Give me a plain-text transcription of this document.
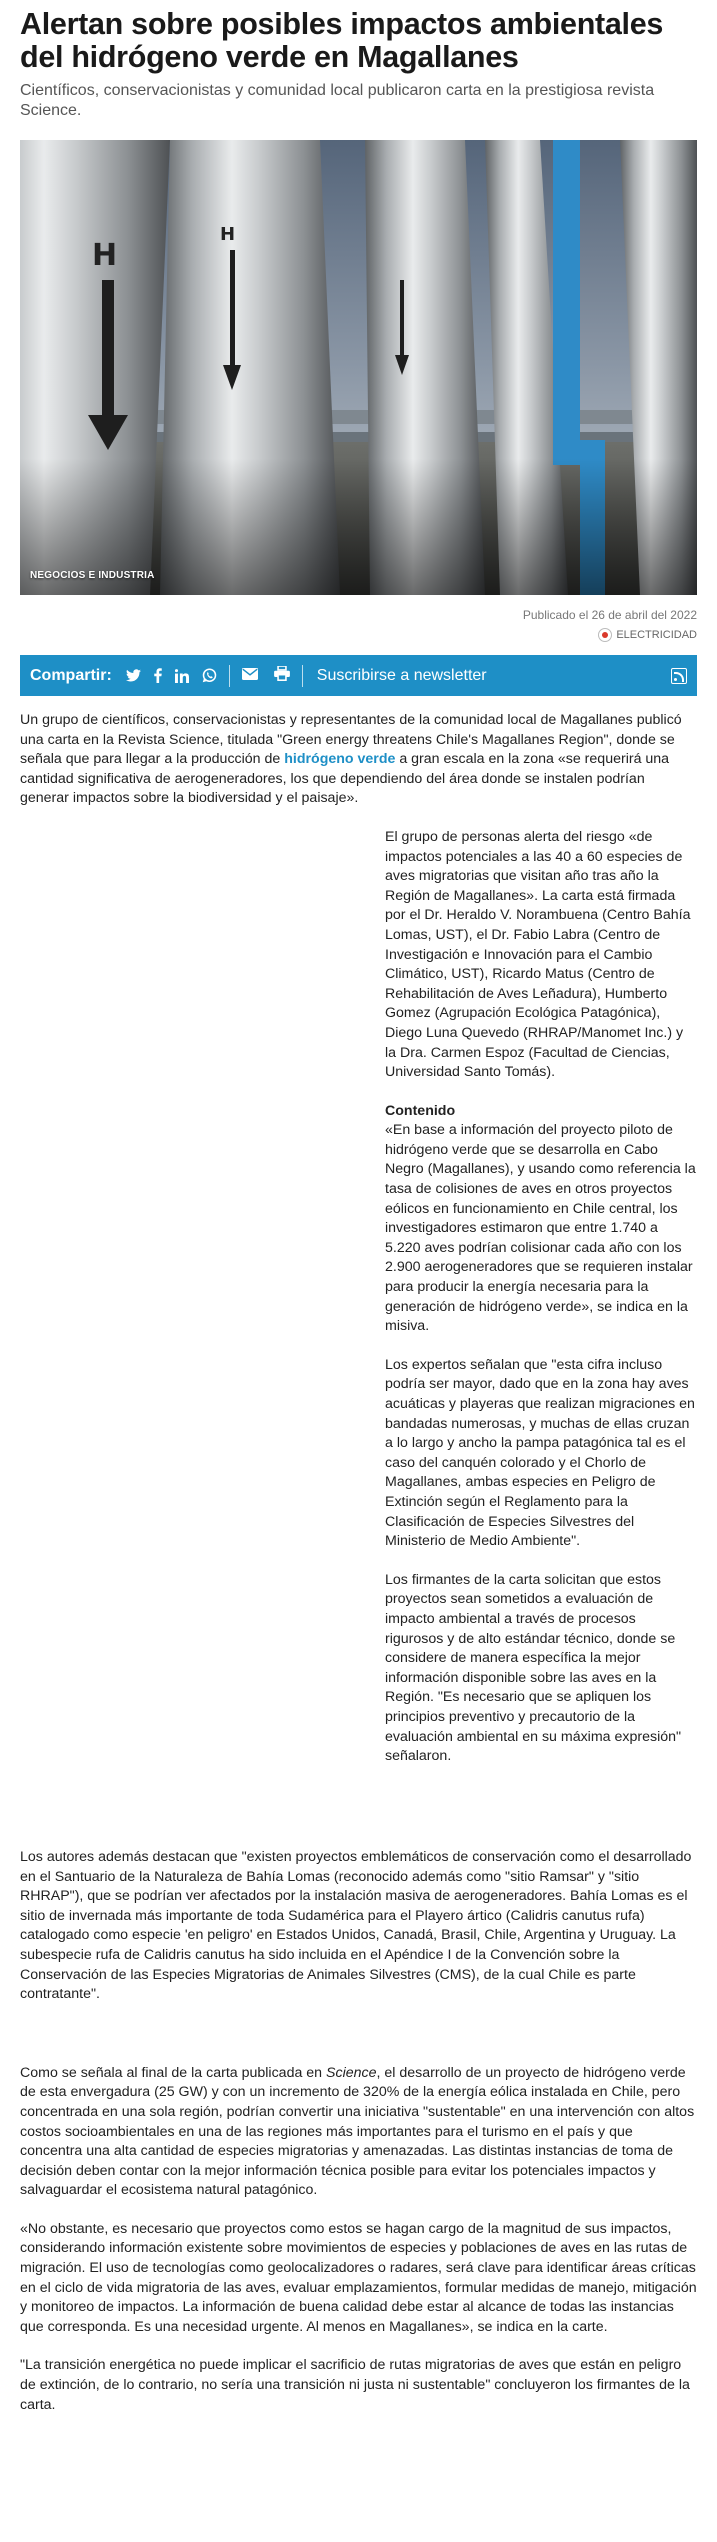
Alertan sobre posibles impactos ambientales del hidrógeno verde en Magallanes

Científicos, conservacionistas y comunidad local publicaron carta en la prestigiosa revista Science.

NEGOCIOS E INDUSTRIA
Publicado el 26 de abril del 2022
ELECTRICIDAD
Compartir:	Suscribirse a newsletter

Un grupo de científicos, conservacionistas y representantes de la comunidad local de Magallanes publicó una carta en la Revista Science, titulada "Green energy threatens Chile's Magallanes Region", donde se señala que para llegar a la producción de hidrógeno verde a gran escala en la zona «se requerirá una cantidad significativa de aerogeneradores, los que dependiendo del área donde se instalen podrían generar impactos sobre la biodiversidad y el paisaje».

El grupo de personas alerta del riesgo «de impactos potenciales a las 40 a 60 especies de aves migratorias que visitan año tras año la Región de Magallanes». La carta está firmada por el Dr. Heraldo V. Norambuena (Centro Bahía Lomas, UST), el Dr. Fabio Labra (Centro de Investigación e Innovación para el Cambio Climático, UST), Ricardo Matus (Centro de Rehabilitación de Aves Leñadura), Humberto Gomez (Agrupación Ecológica Patagónica), Diego Luna Quevedo (RHRAP/Manomet Inc.) y la Dra. Carmen Espoz (Facultad de Ciencias, Universidad Santo Tomás).

Contenido
«En base a información del proyecto piloto de hidrógeno verde que se desarrolla en Cabo Negro (Magallanes), y usando como referencia la tasa de colisiones de aves en otros proyectos eólicos en funcionamiento en Chile central, los investigadores estimaron que entre 1.740 a 5.220 aves podrían colisionar cada año con los 2.900 aerogeneradores que se requieren instalar para producir la energía necesaria para la generación de hidrógeno verde», se indica en la misiva.

Los expertos señalan que "esta cifra incluso podría ser mayor, dado que en la zona hay aves acuáticas y playeras que realizan migraciones en bandadas numerosas, y muchas de ellas cruzan a lo largo y ancho la pampa patagónica tal es el caso del canquén colorado y el Chorlo de Magallanes, ambas especies en Peligro de Extinción según el Reglamento para la Clasificación de Especies Silvestres del Ministerio de Medio Ambiente".

Los firmantes de la carta solicitan que estos proyectos sean sometidos a evaluación de impacto ambiental a través de procesos rigurosos y de alto estándar técnico, donde se considere de manera específica la mejor información disponible sobre las aves en la Región. "Es necesario que se apliquen los principios preventivo y precautorio de la evaluación ambiental en su máxima expresión" señalaron.

Los autores además destacan que "existen proyectos emblemáticos de conservación como el desarrollado en el Santuario de la Naturaleza de Bahía Lomas (reconocido además como "sitio Ramsar" y "sitio RHRAP"), que se podrían ver afectados por la instalación masiva de aerogeneradores. Bahía Lomas es el sitio de invernada más importante de toda Sudamérica para el Playero ártico (Calidris canutus rufa) catalogado como especie 'en peligro' en Estados Unidos, Canadá, Brasil, Chile, Argentina y Uruguay. La subespecie rufa de Calidris canutus ha sido incluida en el Apéndice I de la Convención sobre la Conservación de las Especies Migratorias de Animales Silvestres (CMS), de la cual Chile es parte contratante".

Como se señala al final de la carta publicada en Science, el desarrollo de un proyecto de hidrógeno verde de esta envergadura (25 GW) y con un incremento de 320% de la energía eólica instalada en Chile, pero concentrada en una sola región, podrían convertir una iniciativa "sustentable" en una intervención con altos costos socioambientales en una de las regiones más importantes para el turismo en el país y que concentra una alta cantidad de especies migratorias y amenazadas. Las distintas instancias de toma de decisión deben contar con la mejor información técnica posible para evitar los potenciales impactos y salvaguardar el ecosistema natural patagónico.

«No obstante, es necesario que proyectos como estos se hagan cargo de la magnitud de sus impactos, considerando información existente sobre movimientos de especies y poblaciones de aves en las rutas de migración. El uso de tecnologías como geolocalizadores o radares, será clave para identificar áreas críticas en el ciclo de vida migratoria de las aves, evaluar emplazamientos, formular medidas de manejo, mitigación y monitoreo de impactos. La información de buena calidad debe estar al alcance de todas las instancias que corresponda. Es una necesidad urgente. Al menos en Magallanes», se indica en la carte.

"La transición energética no puede implicar el sacrificio de rutas migratorias de aves que están en peligro de extinción, de lo contrario, no sería una transición ni justa ni sustentable" concluyeron los firmantes de la carta.
